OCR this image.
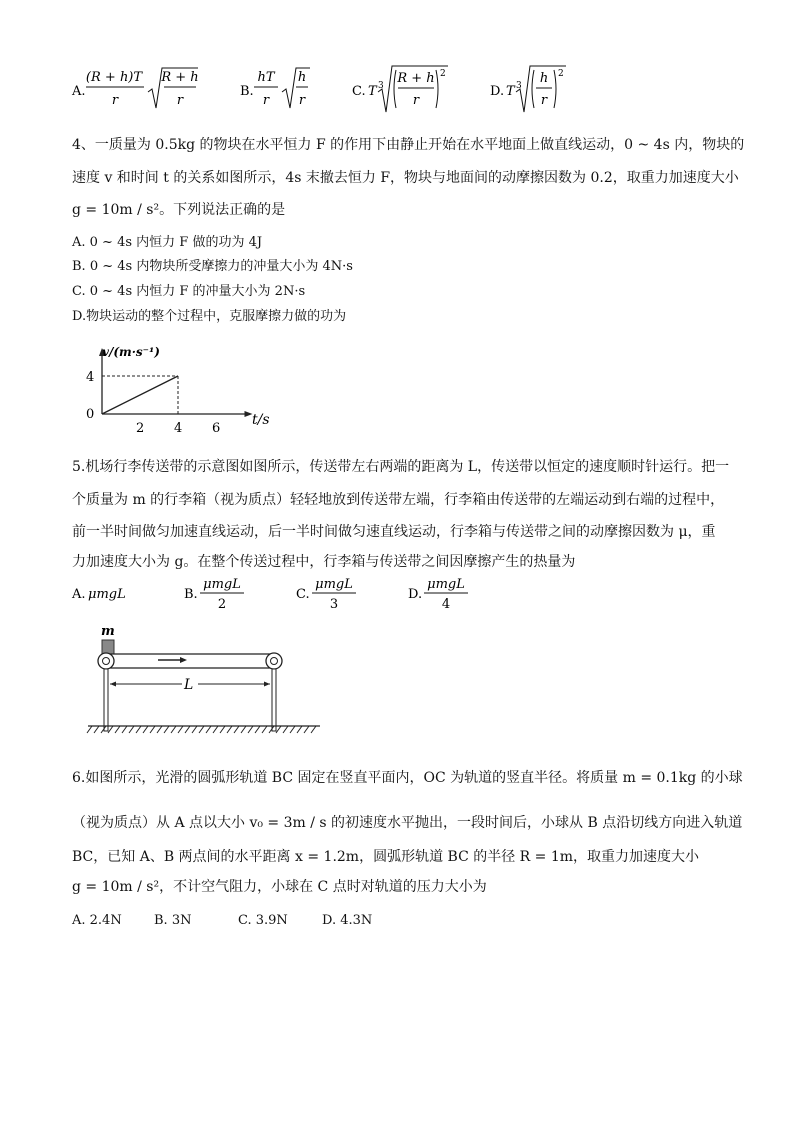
A.
(R + h)T
r
R + h
r
B.
hT
r
h
r
C. T 3 R + h
r
2
D. T 3 h
r
2
4、一质量为 0.5kg 的物块在水平恒力 F 的作用下由静止开始在水平地面上做直线运动，0 ~ 4s 内，物块的
速度 v 和时间 t 的关系如图所示，4s 末撤去恒力 F，物块与地面间的动摩擦因数为 0.2，取重力加速度大小
g = 10m / s²。下列说法正确的是
A. 0 ~ 4s 内恒力 F 做的功为 4J
B. 0 ~ 4s 内物块所受摩擦力的冲量大小为 4N·s
C. 0 ~ 4s 内恒力 F 的冲量大小为 2N·s
D.物块运动的整个过程中，克服摩擦力做的功为
0
2 4 6
4
v/(m·s⁻¹)
t/s
5.机场行李传送带的示意图如图所示，传送带左右两端的距离为 L，传送带以恒定的速度顺时针运行。把一
个质量为 m 的行李箱（视为质点）轻轻地放到传送带左端，行李箱由传送带的左端运动到右端的过程中，
前一半时间做匀加速直线运动，后一半时间做匀速直线运动，行李箱与传送带之间的动摩擦因数为 μ，重
力加速度大小为 g。在整个传送过程中，行李箱与传送带之间因摩擦产生的热量为
A. μmgL	B.
μmgL
2
C.
μmgL
3
D.
μmgL
4
m
L
6.如图所示，光滑的圆弧形轨道 BC 固定在竖直平面内，OC 为轨道的竖直半径。将质量 m = 0.1kg 的小球
（视为质点）从 A 点以大小 v₀ = 3m / s 的初速度水平抛出，一段时间后，小球从 B 点沿切线方向进入轨道
BC，已知 A、B 两点间的水平距离 x = 1.2m，圆弧形轨道 BC 的半径 R = 1m，取重力加速度大小
g = 10m / s²，不计空气阻力，小球在 C 点时对轨道的压力大小为
A. 2.4N B. 3N	C. 3.9N	D. 4.3N
